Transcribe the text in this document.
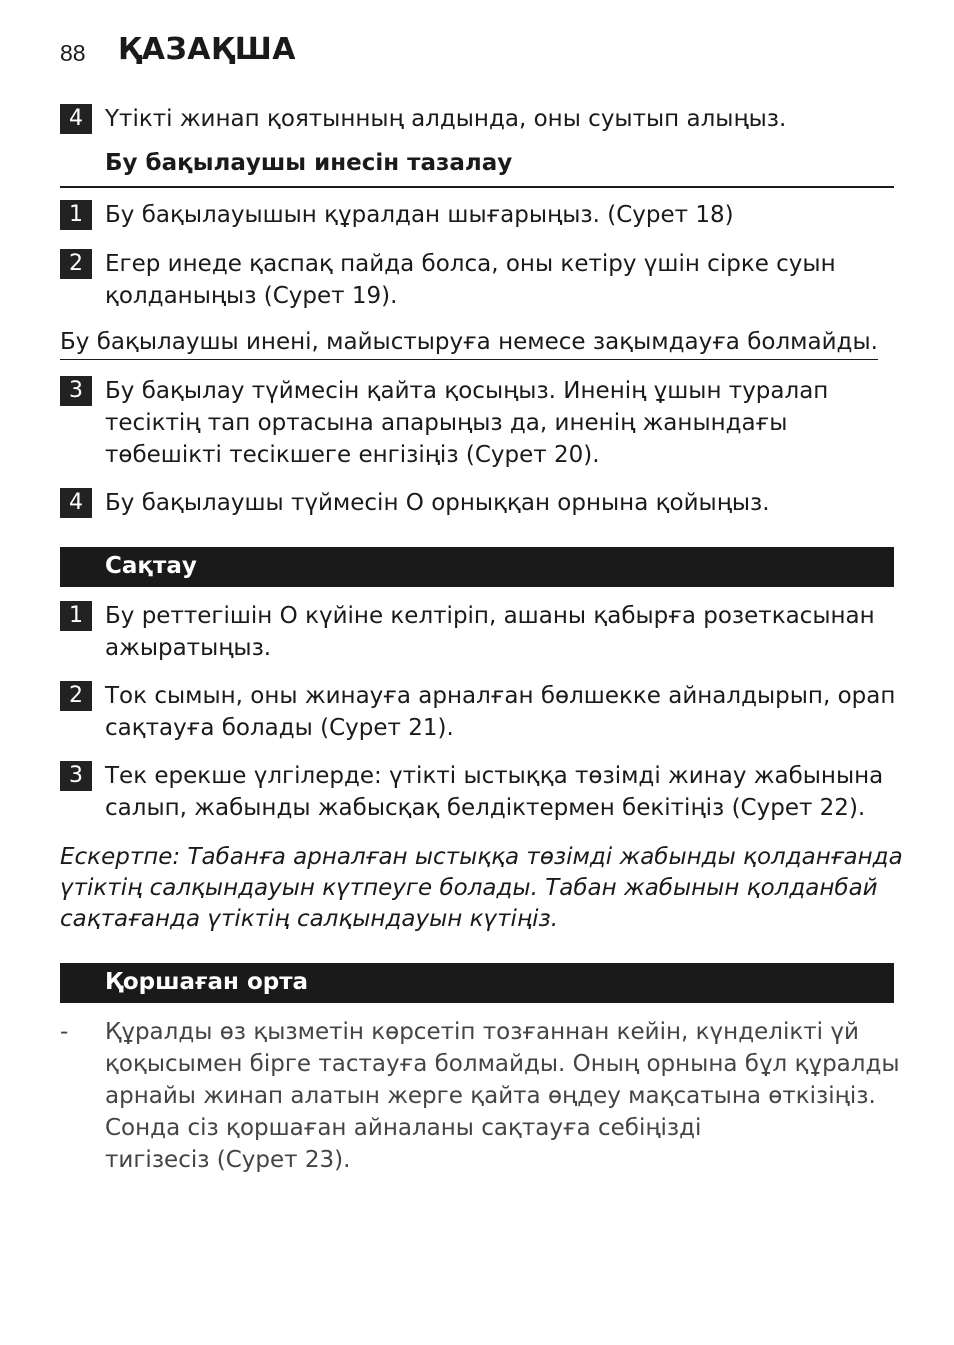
88	ҚАЗАҚША
4 Үтікті жинап қоятынның алдында, оны суытып алыңыз.
Бу бақылаушы инесін тазалау
1 Бу бақылауышын құралдан шығарыңыз. (Сурет 18)
2 Егер инеде қаспақ пайда болса, оны кетіру үшін сірке суын
қолданыңыз (Сурет 19).
Бу бақылаушы инені, майыстыруға немесе зақымдауға болмайды.
3 Бу бақылау түймесін қайта қосыңыз. Иненің ұшын туралап
тесіктің тап ортасына апарыңыз да, иненің жанындағы
төбешікті тесікшеге енгізіңіз (Сурет 20).
4 Бу бақылаушы түймесін O орныққан орнына қойыңыз.
Сақтау
1 Бу реттегішін O күйіне келтіріп, ашаны қабырға розеткасынан
ажыратыңыз.
2 Ток сымын, оны жинауға арналған бөлшекке айналдырып, орап
сақтауға болады (Сурет 21).
3 Тек ерекше үлгілерде: үтікті ыстыққа төзімді жинау жабынына
салып, жабынды жабысқақ белдіктермен бекітіңіз (Сурет 22).
Ескертпе: Табанға арналған ыстыққа төзімді жабынды қолданғанда
үтіктің салқындауын күтпеуге болады. Табан жабынын қолданбай
сақтағанда үтіктің салқындауын күтіңіз.
Қоршаған орта
- Құралды өз қызметін көрсетіп тозғаннан кейін, күнделікті үй
қоқысымен бірге тастауға болмайды. Оның орнына бұл құралды
арнайы жинап алатын жерге қайта өңдеу мақсатына өткізіңіз.
Сонда сіз қоршаған айналаны сақтауға себіңізді
тигізесіз (Сурет 23).
